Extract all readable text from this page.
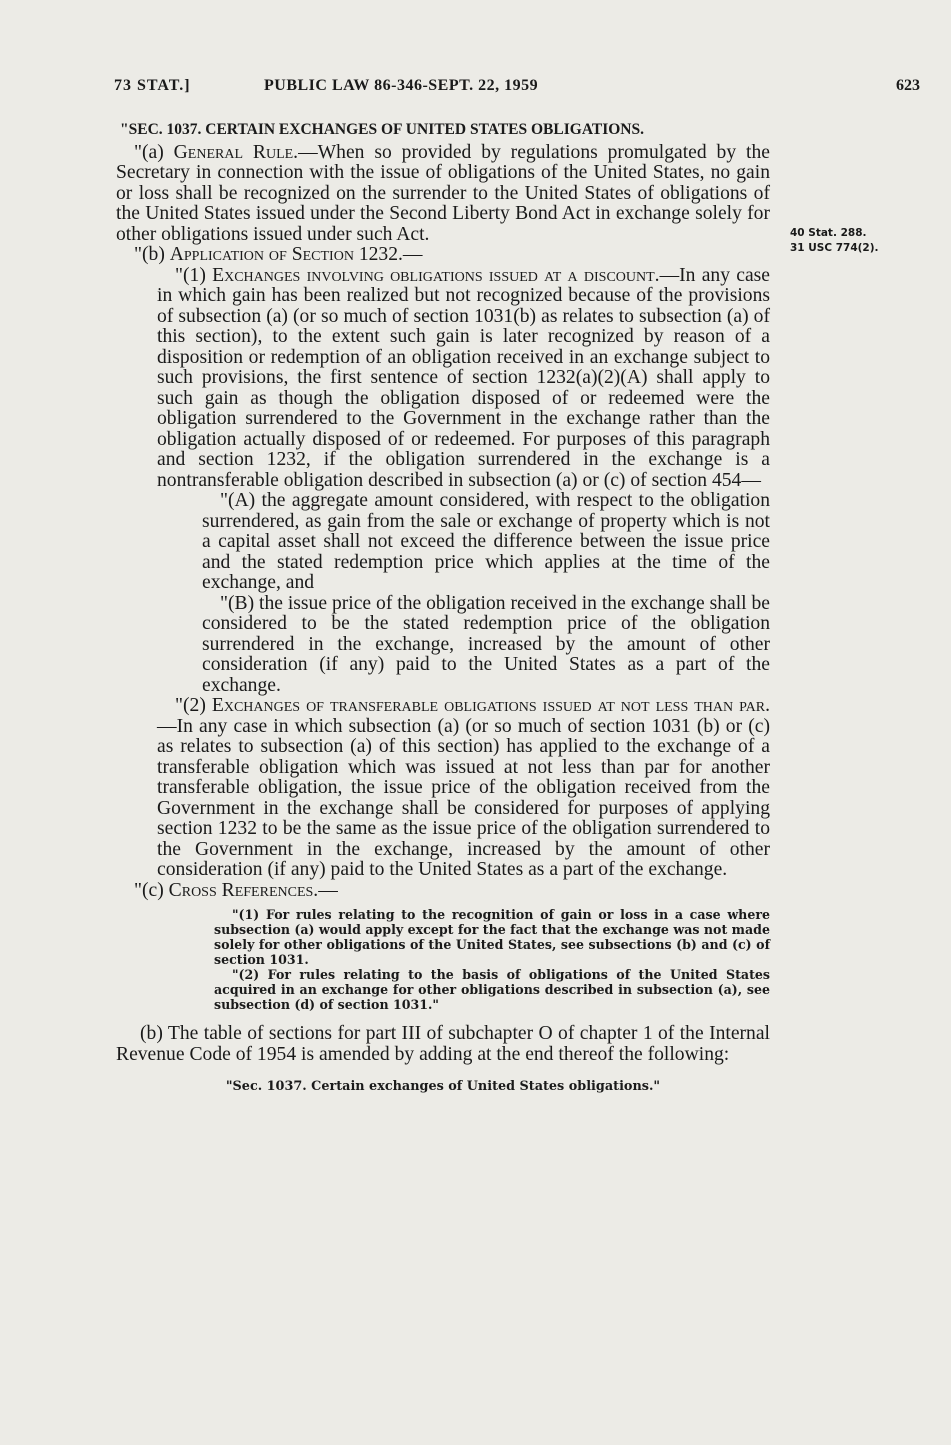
73 STAT.]	PUBLIC LAW 86-346-SEPT. 22, 1959	623
40 Stat. 288.
31 USC 774(2).

"SEC. 1037. CERTAIN EXCHANGES OF UNITED STATES OBLIGATIONS.

"(a) General Rule.—When so provided by regulations promulgated by the Secretary in connection with the issue of obligations of the United States, no gain or loss shall be recognized on the surrender to the United States of obligations of the United States issued under the Second Liberty Bond Act in exchange solely for other obligations issued under such Act.

"(b) Application of Section 1232.—

"(1) Exchanges involving obligations issued at a discount.—In any case in which gain has been realized but not recognized because of the provisions of subsection (a) (or so much of section 1031(b) as relates to subsection (a) of this section), to the extent such gain is later recognized by reason of a disposition or redemption of an obligation received in an exchange subject to such provisions, the first sentence of section 1232(a)(2)(A) shall apply to such gain as though the obligation disposed of or redeemed were the obligation surrendered to the Government in the exchange rather than the obligation actually disposed of or redeemed. For purposes of this paragraph and section 1232, if the obligation surrendered in the exchange is a nontransferable obligation described in subsection (a) or (c) of section 454—

"(A) the aggregate amount considered, with respect to the obligation surrendered, as gain from the sale or exchange of property which is not a capital asset shall not exceed the difference between the issue price and the stated redemption price which applies at the time of the exchange, and

"(B) the issue price of the obligation received in the exchange shall be considered to be the stated redemption price of the obligation surrendered in the exchange, increased by the amount of other consideration (if any) paid to the United States as a part of the exchange.

"(2) Exchanges of transferable obligations issued at not less than par.—In any case in which subsection (a) (or so much of section 1031 (b) or (c) as relates to subsection (a) of this section) has applied to the exchange of a transferable obligation which was issued at not less than par for another transferable obligation, the issue price of the obligation received from the Government in the exchange shall be considered for purposes of applying section 1232 to be the same as the issue price of the obligation surrendered to the Government in the exchange, increased by the amount of other consideration (if any) paid to the United States as a part of the exchange.

"(c) Cross References.—

"(1) For rules relating to the recognition of gain or loss in a case where subsection (a) would apply except for the fact that the exchange was not made solely for other obligations of the United States, see subsections (b) and (c) of section 1031.

"(2) For rules relating to the basis of obligations of the United States acquired in an exchange for other obligations described in subsection (a), see subsection (d) of section 1031."

(b) The table of sections for part III of subchapter O of chapter 1 of the Internal Revenue Code of 1954 is amended by adding at the end thereof the following:

"Sec. 1037. Certain exchanges of United States obligations."
